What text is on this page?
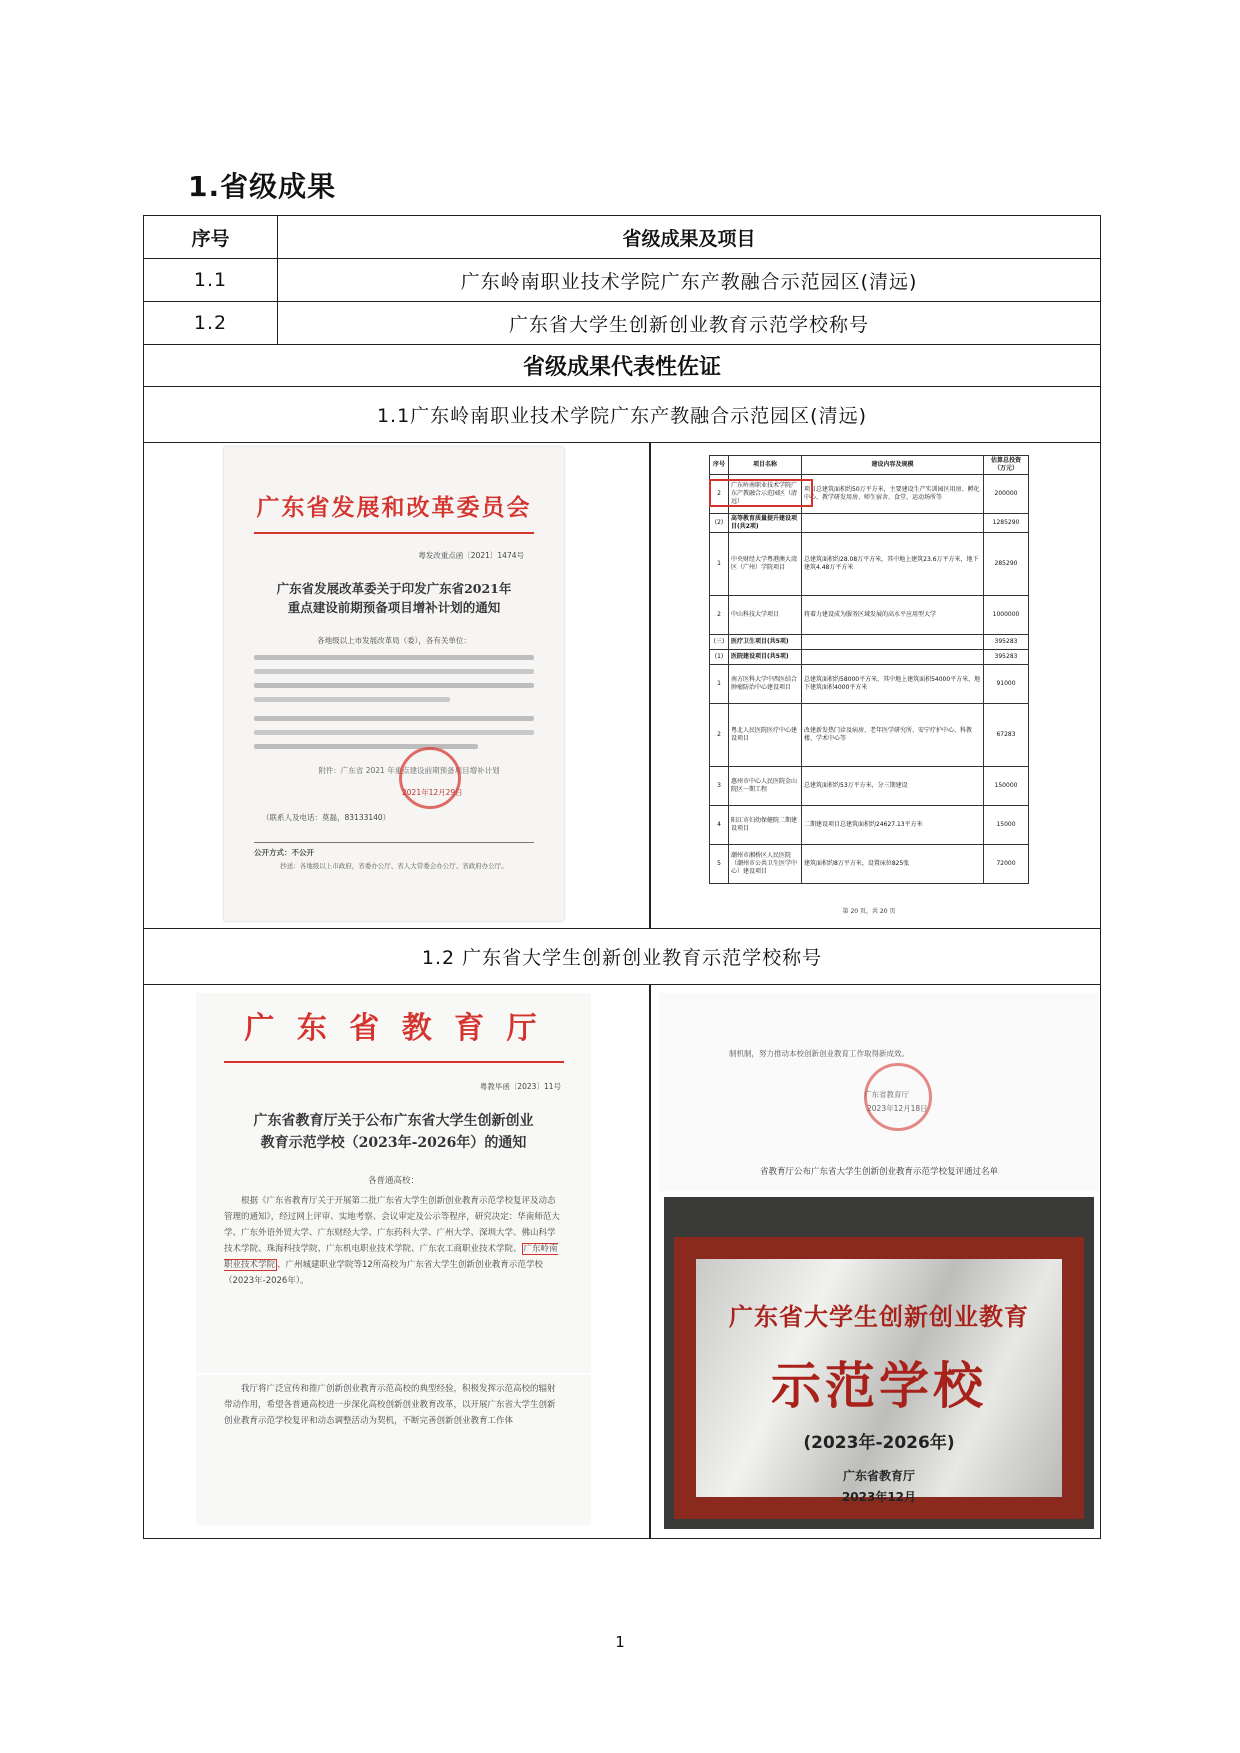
1.省级成果
序号	省级成果及项目
1.1	广东岭南职业技术学院广东产教融合示范园区(清远)
1.2	广东省大学生创新创业教育示范学校称号
省级成果代表性佐证
1.1广东岭南职业技术学院广东产教融合示范园区(清远)

广东省发展和改革委员会
粤发改重点函〔2021〕1474号
广东省发展改革委关于印发广东省2021年
重点建设前期预备项目增补计划的通知
各地级以上市发展改革局（委），各有关单位：
附件：广东省 2021 年重点建设前期预备项目增补计划
2021年12月29日
（联系人及电话：莫磊，83133140）
公开方式：不公开
抄送：各地级以上市政府，省委办公厅、省人大常委会办公厅、省政府办公厅。
序号	项目名称	建设内容及规模	估算总投资（万元）
2	广东岭南职业技术学院广东产教融合示范园区（清远）	项目总建筑面积约50万平方米，主要建设生产实训园区用房、孵化中心、教学研发用房、师生宿舍、食堂、运动场所等	200000
(2)	高等教育质量提升建设项目(共2项)		1285290
1	中央财经大学粤港澳大湾区（广州）学院项目	总建筑面积约28.08万平方米，其中地上建筑23.6万平方米，地下建筑4.48万平方米	285290
2	中山科技大学项目	将着力建设成为服务区域发展的高水平应用型大学	1000000
(三)	医疗卫生项目(共5项)		395283
(1)	医院建设项目(共5项)		395283
1	南方医科大学中西医结合肿瘤防治中心建设项目	总建筑面积约58000平方米，其中地上建筑面积54000平方米，地下建筑面积4000平方米	91000
2	粤北人民医院医疗中心建设项目	改建新发热门诊及病房、老年医学研究所、安宁疗护中心、科教楼、学术中心等	67283
3	惠州市中心人民医院金山院区一期工程	总建筑面积约53万平方米，分三期建设	150000
4	阳江市妇幼保健院二期建设项目	二期建设项目总建筑面积约24627.13平方米	15000
5	潮州市湘桥区人民医院（潮州市公共卫生医学中心）建设项目	建筑面积约8万平方米，设置床位825张	72000
第 20 页，共 20 页

1.2 广东省大学生创新创业教育示范学校称号

广 东 省 教 育 厅
粤教毕函〔2023〕11号
广东省教育厅关于公布广东省大学生创新创业
教育示范学校（2023年-2026年）的通知
各普通高校：
根据《广东省教育厅关于开展第二批广东省大学生创新创业教育示范学校复评及动态管理的通知》，经过网上评审、实地考察、会议审定及公示等程序，研究决定：华南师范大学、广东外语外贸大学、广东财经大学、广东药科大学、广州大学、深圳大学、佛山科学技术学院、珠海科技学院、广东机电职业技术学院、广东农工商职业技术学院、 广东岭南职业技术学院 、广州城建职业学院等12所高校为广东省大学生创新创业教育示范学校（2023年-2026年）。
我厅将广泛宣传和推广创新创业教育示范高校的典型经验，积极发挥示范高校的辐射带动作用，希望各普通高校进一步深化高校创新创业教育改革，以开展广东省大学生创新创业教育示范学校复评和动态调整活动为契机，不断完善创新创业教育工作体
制机制，努力推动本校创新创业教育工作取得新成效。
广东省教育厅
2023年12月18日
省教育厅公布广东省大学生创新创业教育示范学校复评通过名单
广东省大学生创新创业教育
示范学校
(2023年-2026年)
广东省教育厅
2023年12月
1
